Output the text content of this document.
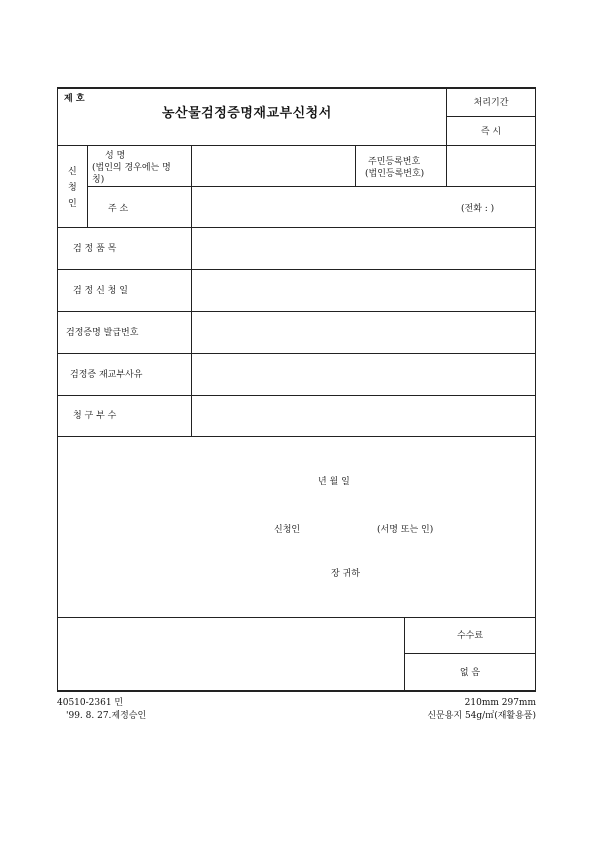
제 호
농산물검정증명재교부신청서
처리기간
즉 시
신
청
인
성 명
(법인의 경우에는 명
칭)
주민등록번호
(법인등록번호)
주 소	(전화 : )
검 정 품 목
검 정 신 청 일
검정증명 발급번호
검정증 재교부사유
청 구 부 수
년 월 일
신청인	(서명 또는 인)
장 귀하
수수료
없 음
40510-2361 민
'99. 8. 27.제정승인
210mm 297mm
신문용지 54g/㎡(재활용품)
